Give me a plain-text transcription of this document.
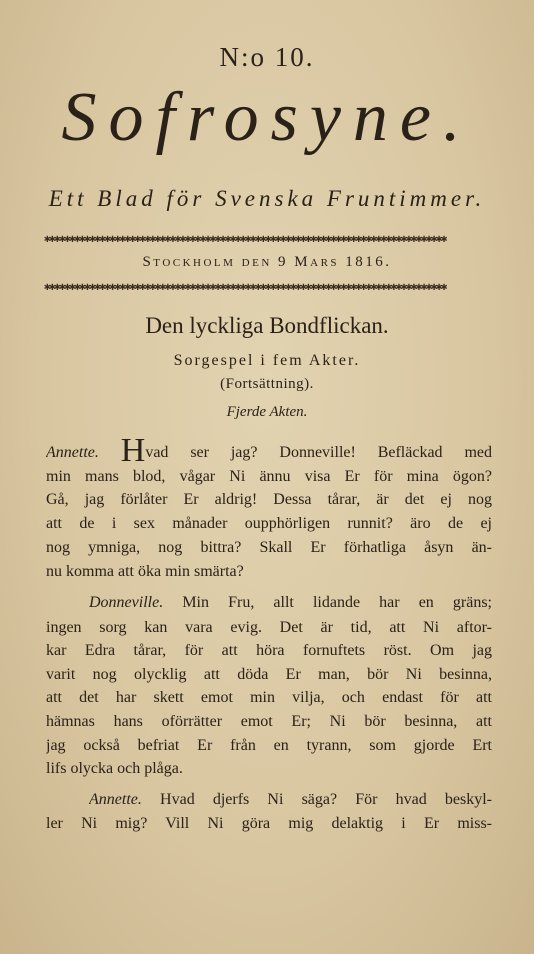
N:o 10.
Sofrosyne.
Ett Blad för Svenska Fruntimmer.
✱✱✱✱✱✱✱✱✱✱✱✱✱✱✱✱✱✱✱✱✱✱✱✱✱✱✱✱✱✱✱✱✱✱✱✱✱✱✱✱✱✱✱✱✱✱✱✱✱✱✱✱✱✱✱✱✱✱✱✱✱✱✱✱✱✱✱✱✱✱✱✱✱✱✱✱✱✱✱✱
Stockholm den 9 Mars 1816.
✱✱✱✱✱✱✱✱✱✱✱✱✱✱✱✱✱✱✱✱✱✱✱✱✱✱✱✱✱✱✱✱✱✱✱✱✱✱✱✱✱✱✱✱✱✱✱✱✱✱✱✱✱✱✱✱✱✱✱✱✱✱✱✱✱✱✱✱✱✱✱✱✱✱✱✱✱✱✱✱
Den lyckliga Bondflickan.
Sorgespel i fem Akter.
(Fortsättning).
Fjerde Akten.
Annette. Hvad ser jag? Donneville! Befläckad med
min mans blod, vågar Ni ännu visa Er för mina ögon?
Gå, jag förlåter Er aldrig! Dessa tårar, är det ej nog
att de i sex månader oupphörligen runnit? äro de ej
nog ymniga, nog bittra? Skall Er förhatliga åsyn än-
nu komma att öka min smärta?
Donneville. Min Fru, allt lidande har en gräns;
ingen sorg kan vara evig. Det är tid, att Ni aftor-
kar Edra tårar, för att höra fornuftets röst. Om jag
varit nog olycklig att döda Er man, bör Ni besinna,
att det har skett emot min vilja, och endast för att
hämnas hans oförrätter emot Er; Ni bör besinna, att
jag också befriat Er från en tyrann, som gjorde Ert
lifs olycka och plåga.
Annette. Hvad djerfs Ni säga? För hvad beskyl-
ler Ni mig? Vill Ni göra mig delaktig i Er miss-
